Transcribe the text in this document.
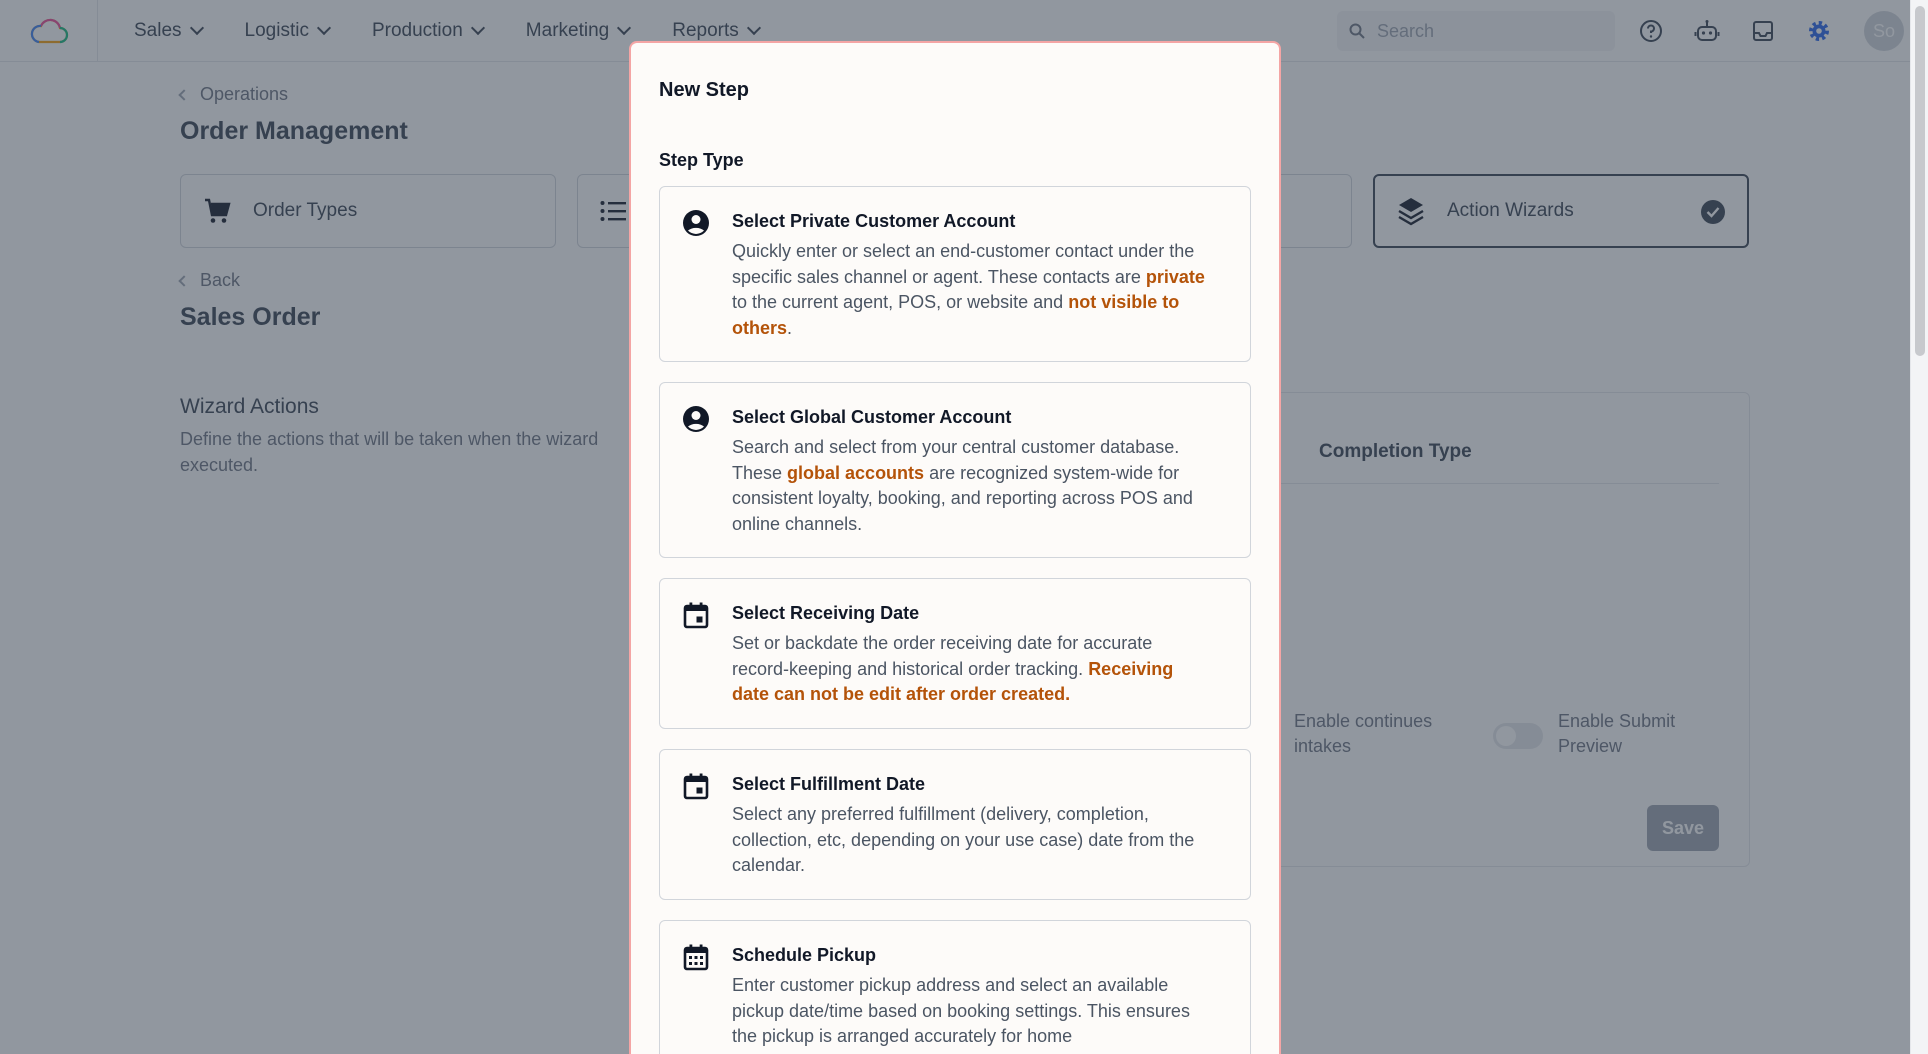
Search
New Step
Step Type
Select Private Customer Account
Quickly enter or select an end-customer contact under the specific sales channel or agent. These contacts are private to the current agent, POS, or website and not visible to others.
Select Global Customer Account
Search and select from your central customer database. These global accounts are recognized system-wide for consistent loyalty, booking, and reporting across POS and online channels.
Select Receiving Date
Set or backdate the order receiving date for accurate record-keeping and historical order tracking. Receiving date can not be edit after order created.
Select Fulfillment Date
Select any preferred fulfillment (delivery, completion, collection, etc, depending on your use case) date from the calendar.
Schedule Pickup
Enter customer pickup address and select an available pickup date/time based on booking settings. This ensures the pickup is arranged accurately for home
